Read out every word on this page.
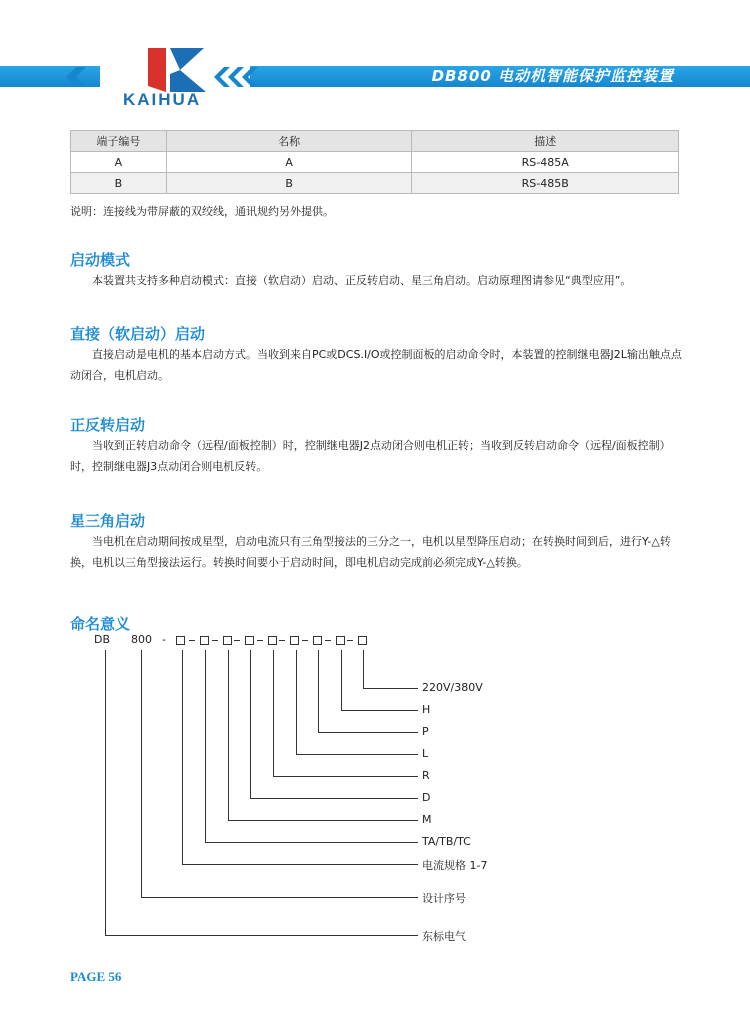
KAIHUA
DB800 电动机智能保护监控装置
端子编号	名称	描述
A	A	RS-485A
B	B	RS-485B
说明：连接线为带屏蔽的双绞线，通讯规约另外提供。
启动模式
本装置共支持多种启动模式：直接（软启动）启动、正反转启动、星三角启动。启动原理图请参见“典型应用”。
直接（软启动）启动
直接启动是电机的基本启动方式。当收到来自PC或DCS.I/O或控制面板的启动命令时，本装置的控制继电器J2L输出触点点动闭合，电机启动。
正反转启动
当收到正转启动命令（远程/面板控制）时，控制继电器J2点动闭合则电机正转；当收到反转启动命令（远程/面板控制）时，控制继电器J3点动闭合则电机反转。
星三角启动
当电机在启动期间按成星型，启动电流只有三角型接法的三分之一，电机以星型降压启动；在转换时间到后，进行Y-△转换，电机以三角型接法运行。转换时间要小于启动时间，即电机启动完成前必须完成Y-△转换。
命名意义
DB 800 -
220V/380V
H
P
L
R
D
M
TA/TB/TC
电流规格 1-7
设计序号
东标电气
PAGE 56
